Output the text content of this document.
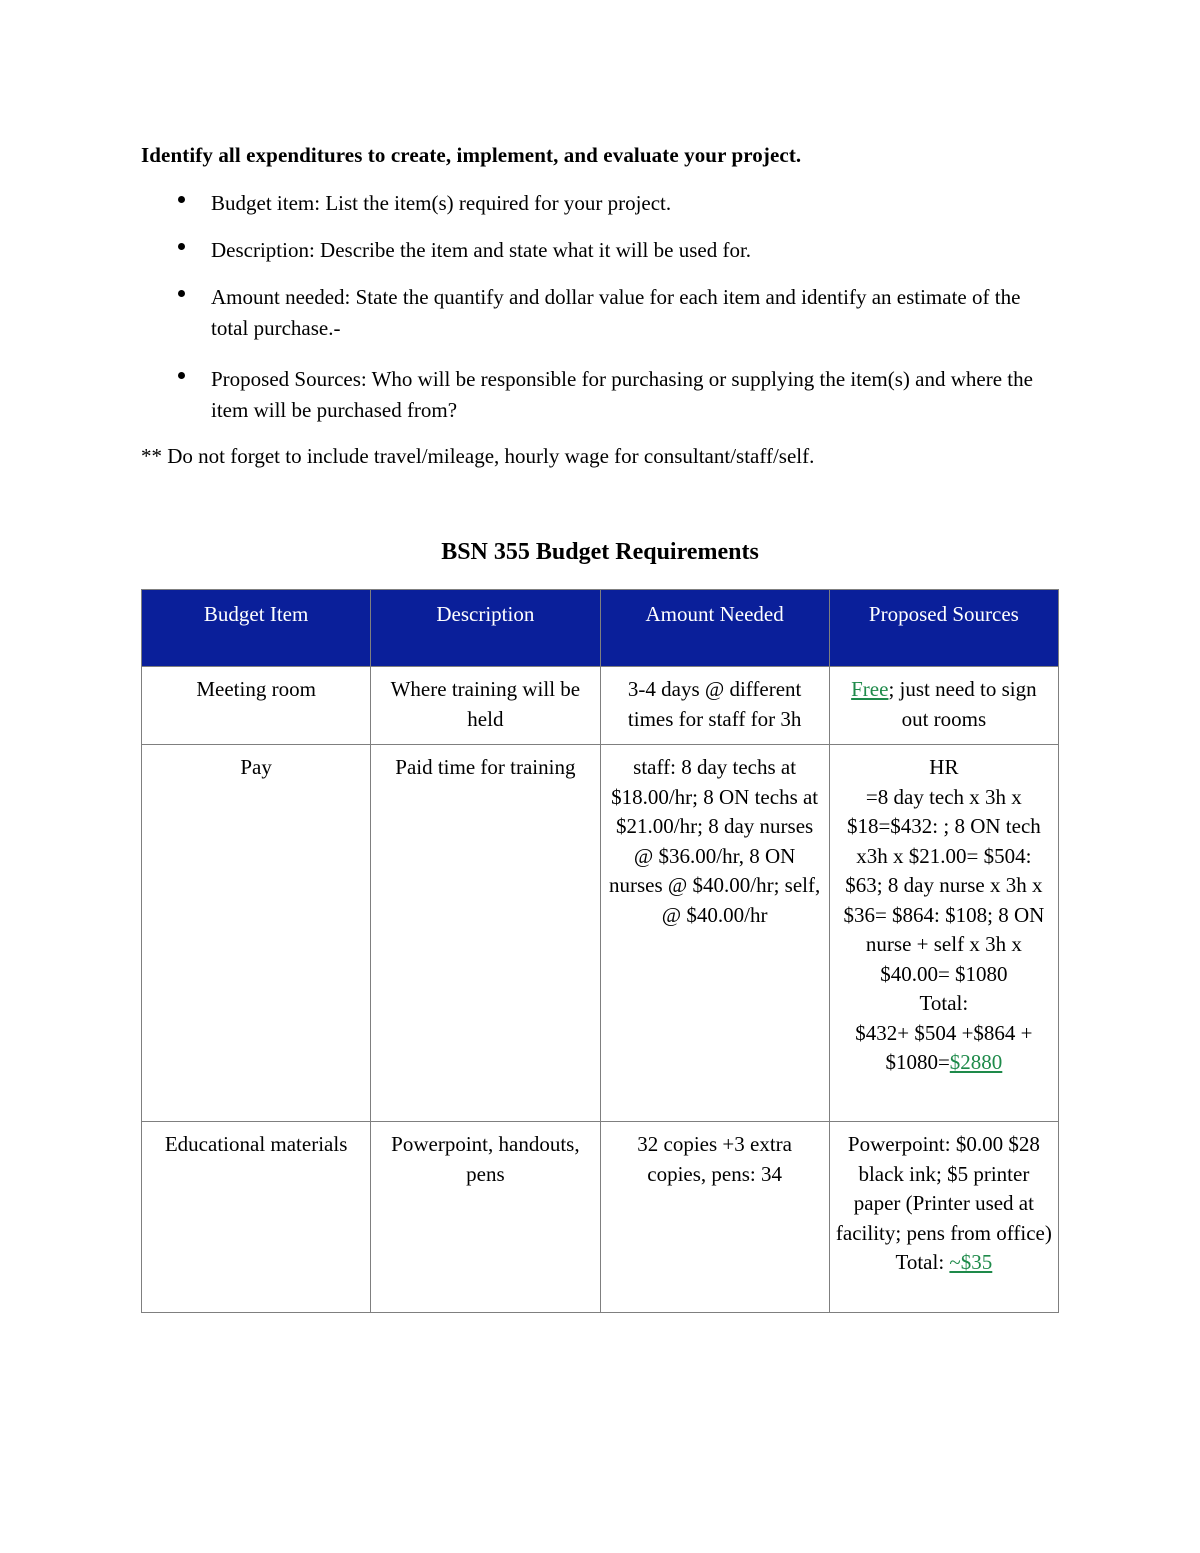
Identify all expenditures to create, implement, and evaluate your project.

Budget item: List the item(s) required for your project.
Description: Describe the item and state what it will be used for.
Amount needed: State the quantify and dollar value for each item and identify an estimate of the total purchase.-
Proposed Sources: Who will be responsible for purchasing or supplying the item(s) and where the item will be purchased from?

** Do not forget to include travel/mileage, hourly wage for consultant/staff/self.

BSN 355 Budget Requirements

Budget Item	Description	Amount Needed	Proposed Sources
Meeting room	Where training will be held	3-4 days @ different times for staff for 3h	Free; just need to sign out rooms
Pay	Paid time for training	staff: 8 day techs at $18.00/hr; 8 ON techs at $21.00/hr; 8 day nurses @ $36.00/hr, 8 ON nurses @ $40.00/hr; self, @ $40.00/hr	HR
=8 day tech x 3h x $18=$432: ; 8 ON tech x3h x $21.00= $504: $63; 8 day nurse x 3h x $36= $864: $108; 8 ON nurse + self x 3h x $40.00= $1080
Total:
$432+ $504 +$864 + $1080=$2880

Educational materials	Powerpoint, handouts, pens	32 copies +3 extra copies, pens: 34	Powerpoint: $0.00 $28 black ink; $5 printer paper (Printer used at facility; pens from office)
Total: ~$35
